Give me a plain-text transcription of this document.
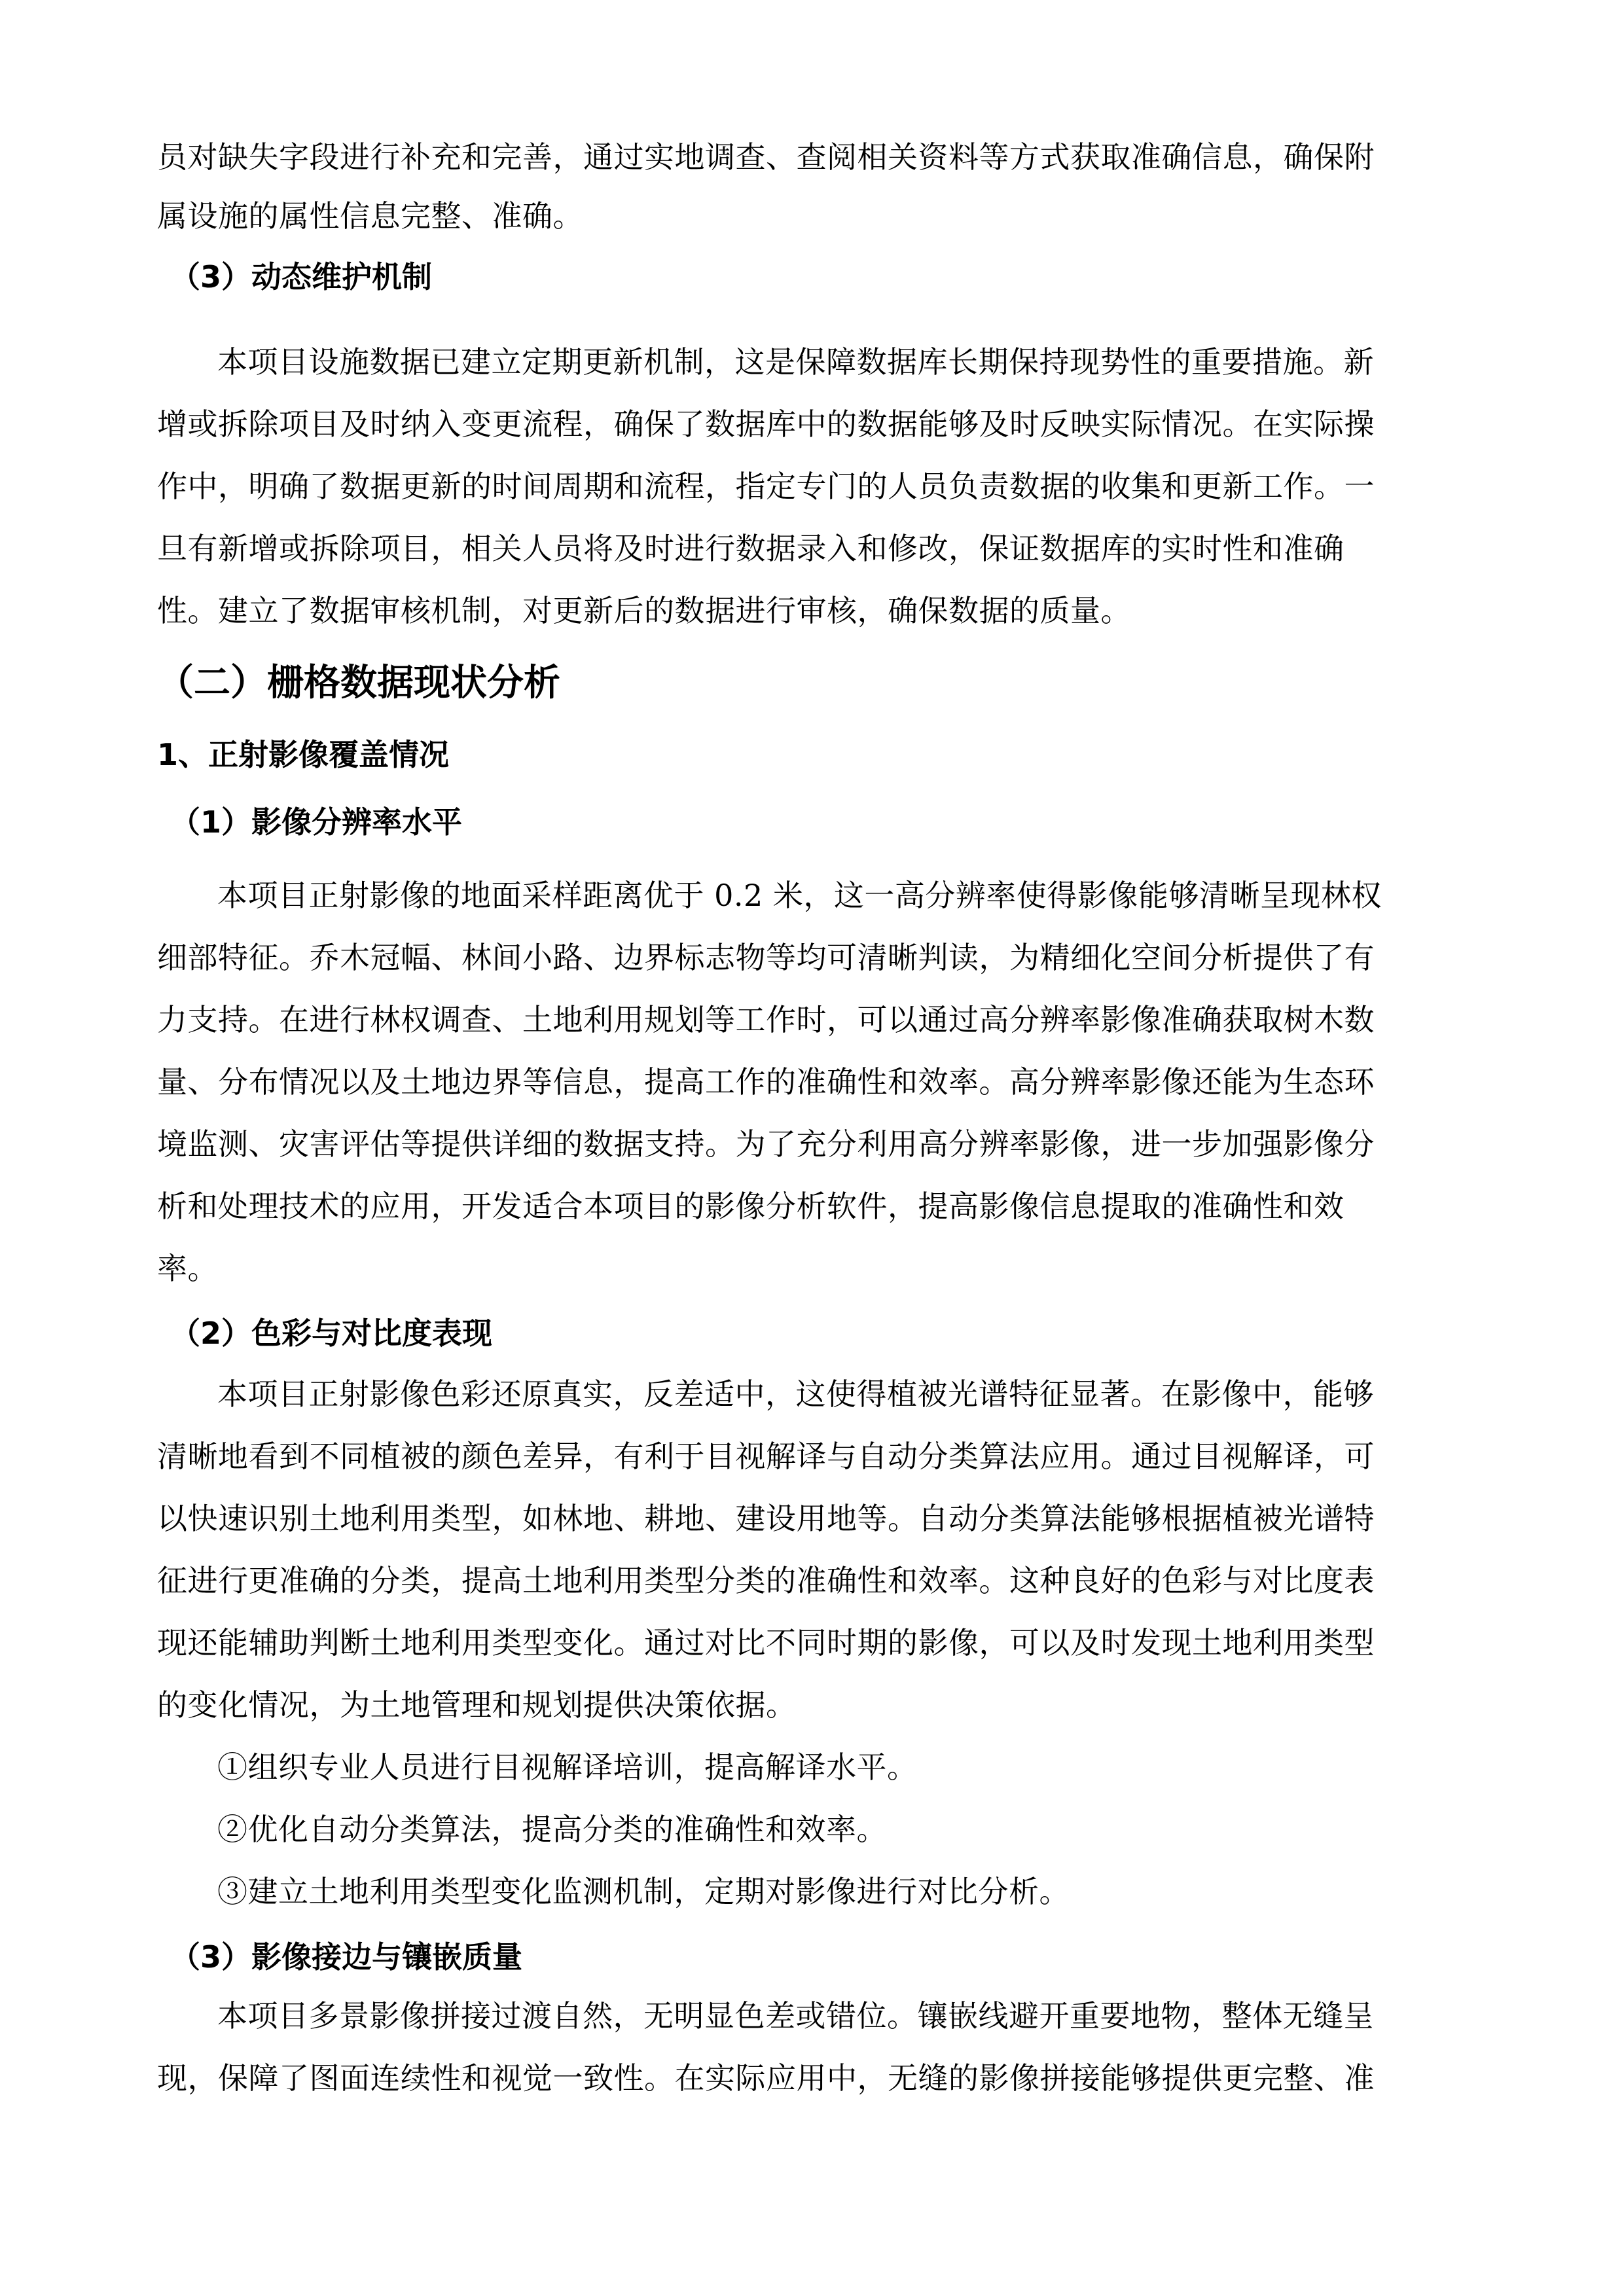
员对缺失字段进行补充和完善，通过实地调查、查阅相关资料等方式获取准确信息，确保附
属设施的属性信息完整、准确。
（3）动态维护机制
本项目设施数据已建立定期更新机制，这是保障数据库长期保持现势性的重要措施。新
增或拆除项目及时纳入变更流程，确保了数据库中的数据能够及时反映实际情况。在实际操
作中，明确了数据更新的时间周期和流程，指定专门的人员负责数据的收集和更新工作。一
旦有新增或拆除项目，相关人员将及时进行数据录入和修改，保证数据库的实时性和准确
性。建立了数据审核机制，对更新后的数据进行审核，确保数据的质量。
（二）栅格数据现状分析
1、正射影像覆盖情况
（1）影像分辨率水平
本项目正射影像的地面采样距离优于 0.2 米，这一高分辨率使得影像能够清晰呈现林权
细部特征。乔木冠幅、林间小路、边界标志物等均可清晰判读，为精细化空间分析提供了有
力支持。在进行林权调查、土地利用规划等工作时，可以通过高分辨率影像准确获取树木数
量、分布情况以及土地边界等信息，提高工作的准确性和效率。高分辨率影像还能为生态环
境监测、灾害评估等提供详细的数据支持。为了充分利用高分辨率影像，进一步加强影像分
析和处理技术的应用，开发适合本项目的影像分析软件，提高影像信息提取的准确性和效
率。
（2）色彩与对比度表现
本项目正射影像色彩还原真实，反差适中，这使得植被光谱特征显著。在影像中，能够
清晰地看到不同植被的颜色差异，有利于目视解译与自动分类算法应用。通过目视解译，可
以快速识别土地利用类型，如林地、耕地、建设用地等。自动分类算法能够根据植被光谱特
征进行更准确的分类，提高土地利用类型分类的准确性和效率。这种良好的色彩与对比度表
现还能辅助判断土地利用类型变化。通过对比不同时期的影像，可以及时发现土地利用类型
的变化情况，为土地管理和规划提供决策依据。
①组织专业人员进行目视解译培训，提高解译水平。
②优化自动分类算法，提高分类的准确性和效率。
③建立土地利用类型变化监测机制，定期对影像进行对比分析。
（3）影像接边与镶嵌质量
本项目多景影像拼接过渡自然，无明显色差或错位。镶嵌线避开重要地物，整体无缝呈
现，保障了图面连续性和视觉一致性。在实际应用中，无缝的影像拼接能够提供更完整、准
